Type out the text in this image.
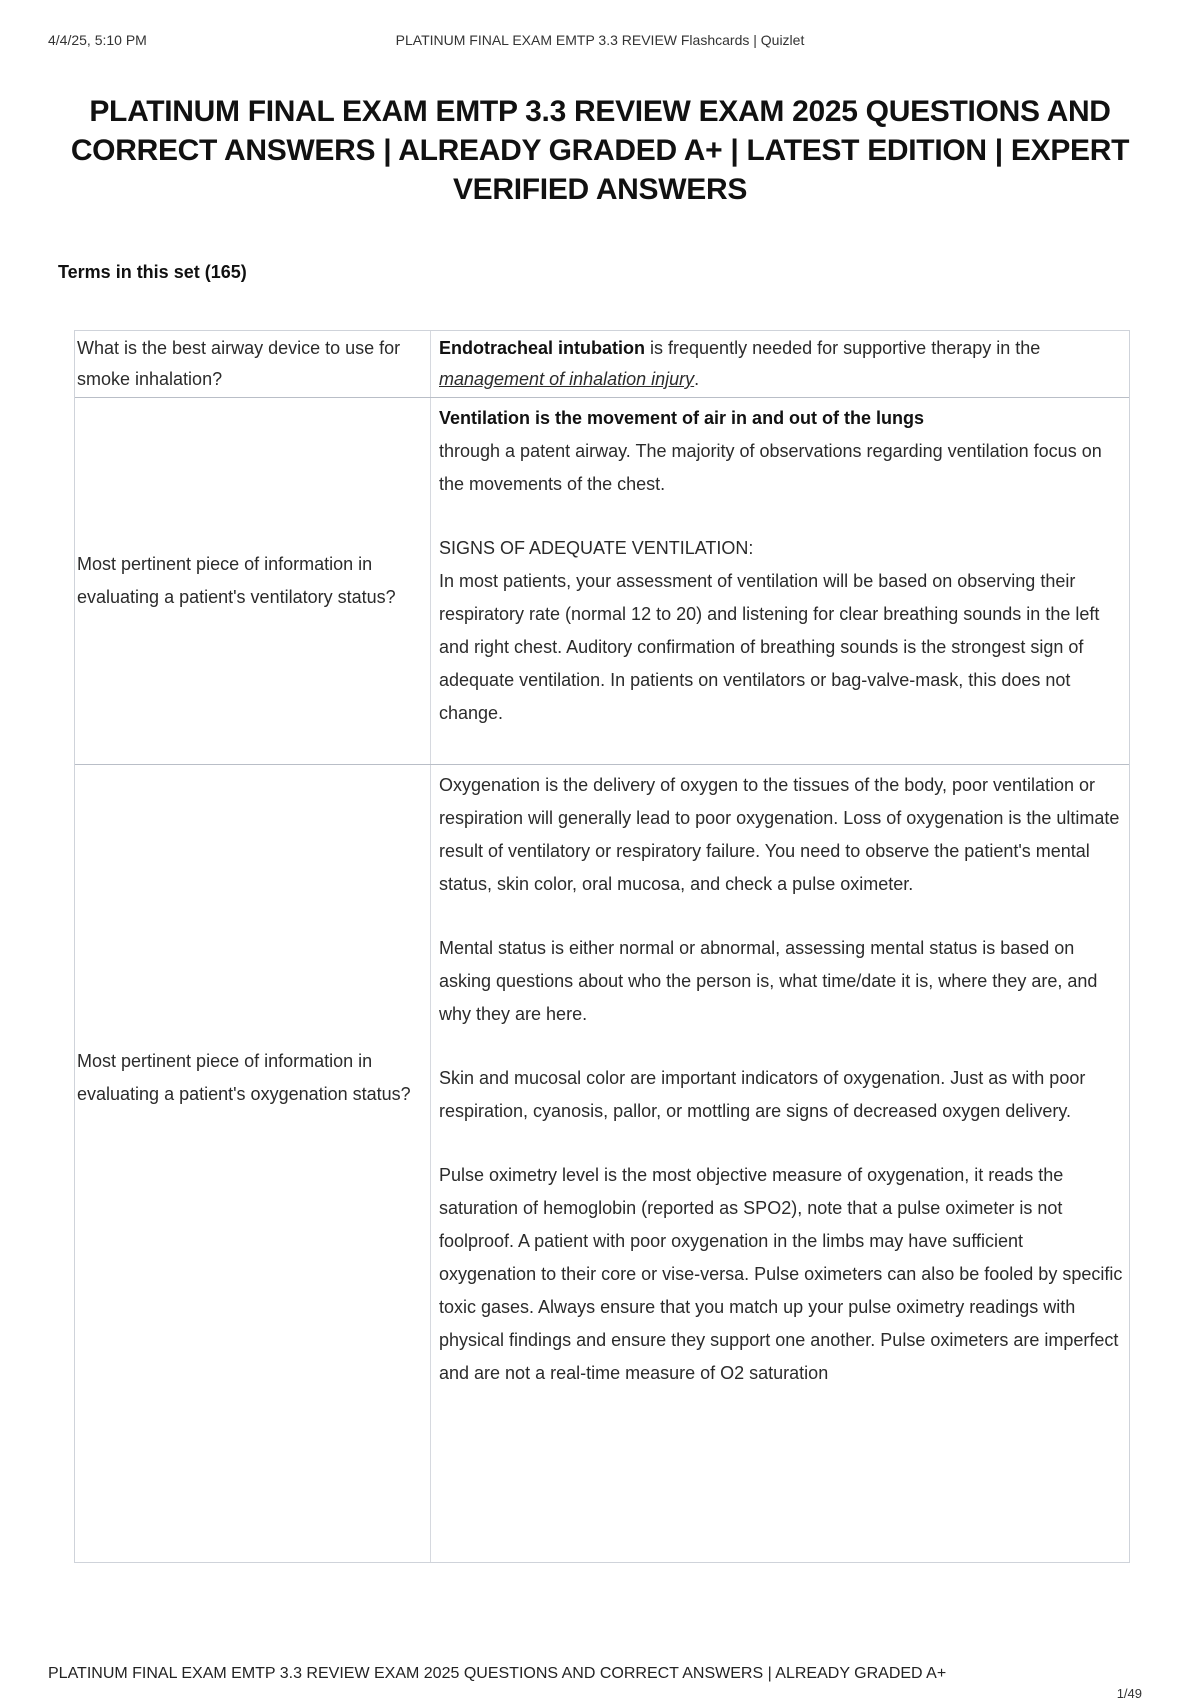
4/4/25, 5:10 PM	PLATINUM FINAL EXAM EMTP 3.3 REVIEW Flashcards | Quizlet
PLATINUM FINAL EXAM EMTP 3.3 REVIEW EXAM 2025 QUESTIONS AND CORRECT ANSWERS | ALREADY GRADED A+ | LATEST EDITION | EXPERT VERIFIED ANSWERS
Terms in this set (165)
What is the best airway device to use for smoke inhalation?
Endotracheal intubation is frequently needed for supportive therapy in the management of inhalation injury.
Most pertinent piece of information in evaluating a patient's ventilatory status?

Ventilation is the movement of air in and out of the lungs

through a patent airway. The majority of observations regarding ventilation focus on the movements of the chest.

SIGNS OF ADEQUATE VENTILATION:

In most patients, your assessment of ventilation will be based on observing their respiratory rate (normal 12 to 20) and listening for clear breathing sounds in the left and right chest. Auditory confirmation of breathing sounds is the strongest sign of adequate ventilation. In patients on ventilators or bag-valve-mask, this does not change.

Most pertinent piece of information in evaluating a patient's oxygenation status?

Oxygenation is the delivery of oxygen to the tissues of the body, poor ventilation or respiration will generally lead to poor oxygenation. Loss of oxygenation is the ultimate result of ventilatory or respiratory failure. You need to observe the patient's mental status, skin color, oral mucosa, and check a pulse oximeter.

Mental status is either normal or abnormal, assessing mental status is based on asking questions about who the person is, what time/date it is, where they are, and why they are here.

Skin and mucosal color are important indicators of oxygenation. Just as with poor respiration, cyanosis, pallor, or mottling are signs of decreased oxygen delivery.

Pulse oximetry level is the most objective measure of oxygenation, it reads the saturation of hemoglobin (reported as SPO2), note that a pulse oximeter is not foolproof. A patient with poor oxygenation in the limbs may have sufficient oxygenation to their core or vise-versa. Pulse oximeters can also be fooled by specific toxic gases. Always ensure that you match up your pulse oximetry readings with physical findings and ensure they support one another. Pulse oximeters are imperfect and are not a real-time measure of O2 saturation

PLATINUM FINAL EXAM EMTP 3.3 REVIEW EXAM 2025 QUESTIONS AND CORRECT ANSWERS | ALREADY GRADED A+
1/49
